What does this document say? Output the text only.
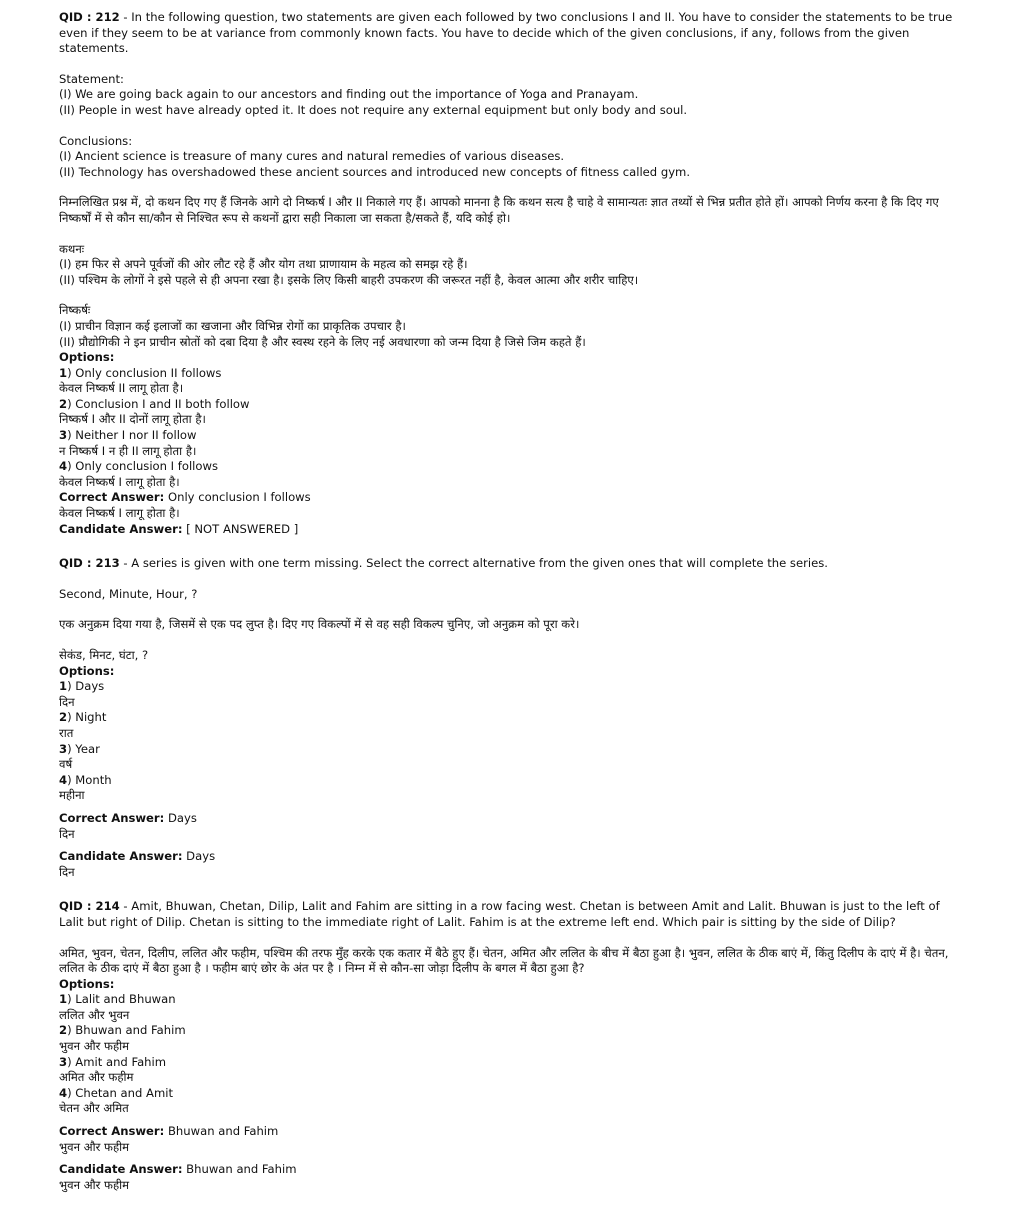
QID : 212 - In the following question, two statements are given each followed by two conclusions I and II. You have to consider the statements to be true even if they seem to be at variance from commonly known facts. You have to decide which of the given conclusions, if any, follows from the given statements.
Statement:
(I) We are going back again to our ancestors and finding out the importance of Yoga and Pranayam.
(II) People in west have already opted it. It does not require any external equipment but only body and soul.
Conclusions:
(I) Ancient science is treasure of many cures and natural remedies of various diseases.
(II) Technology has overshadowed these ancient sources and introduced new concepts of fitness called gym.
निम्नलिखित प्रश्न में, दो कथन दिए गए हैं जिनके आगे दो निष्कर्ष I और II निकाले गए हैं। आपको मानना है कि कथन सत्य है चाहे वे सामान्यतः ज्ञात तथ्यों से भिन्न प्रतीत होते हों। आपको निर्णय करना है कि दिए गए निष्कर्षों में से कौन सा/कौन से निश्चित रूप से कथनों द्वारा सही निकाला जा सकता है/सकते हैं, यदि कोई हो।
कथनः
(I) हम फिर से अपने पूर्वजों की ओर लौट रहे हैं और योग तथा प्राणायाम के महत्व को समझ रहे हैं।
(II) पश्चिम के लोगों ने इसे पहले से ही अपना रखा है। इसके लिए किसी बाहरी उपकरण की जरूरत नहीं है, केवल आत्मा और शरीर चाहिए।
निष्कर्षः
(I) प्राचीन विज्ञान कई इलाजों का खजाना और विभिन्न रोगों का प्राकृतिक उपचार है।
(II) प्रौद्योगिकी ने इन प्राचीन स्रोतों को दबा दिया है और स्वस्थ रहने के लिए नई अवधारणा को जन्म दिया है जिसे जिम कहते हैं।
Options:
1) Only conclusion II follows
केवल निष्कर्ष II लागू होता है।
2) Conclusion I and II both follow
निष्कर्ष I और II दोनों लागू होता है।
3) Neither I nor II follow
न निष्कर्ष I न ही II लागू होता है।
4) Only conclusion I follows
केवल निष्कर्ष I लागू होता है।
Correct Answer: Only conclusion I follows
केवल निष्कर्ष I लागू होता है।
Candidate Answer: [ NOT ANSWERED ]
QID : 213 - A series is given with one term missing. Select the correct alternative from the given ones that will complete the series.
Second, Minute, Hour, ?
एक अनुक्रम दिया गया है, जिसमें से एक पद लुप्त है। दिए गए विकल्पों में से वह सही विकल्प चुनिए, जो अनुक्रम को पूरा करे।
सेकंड, मिनट, घंटा, ?
Options:
1) Days
दिन
2) Night
रात
3) Year
वर्ष
4) Month
महीना
Correct Answer: Days
दिन
Candidate Answer: Days
दिन
QID : 214 - Amit, Bhuwan, Chetan, Dilip, Lalit and Fahim are sitting in a row facing west. Chetan is between Amit and Lalit. Bhuwan is just to the left of Lalit but right of Dilip. Chetan is sitting to the immediate right of Lalit. Fahim is at the extreme left end. Which pair is sitting by the side of Dilip?
अमित, भुवन, चेतन, दिलीप, ललित और फहीम, पश्चिम की तरफ मुँह करके एक कतार में बैठे हुए हैं। चेतन, अमित और ललित के बीच में बैठा हुआ है। भुवन, ललित के ठीक बाएं में, किंतु दिलीप के दाएं में है। चेतन, ललित के ठीक दाएं में बैठा हुआ है । फहीम बाएं छोर के अंत पर है । निम्न में से कौन-सा जोड़ा दिलीप के बगल में बैठा हुआ है?
Options:
1) Lalit and Bhuwan
ललित और भुवन
2) Bhuwan and Fahim
भुवन और फहीम
3) Amit and Fahim
अमित और फहीम
4) Chetan and Amit
चेतन और अमित
Correct Answer: Bhuwan and Fahim
भुवन और फहीम
Candidate Answer: Bhuwan and Fahim
भुवन और फहीम
